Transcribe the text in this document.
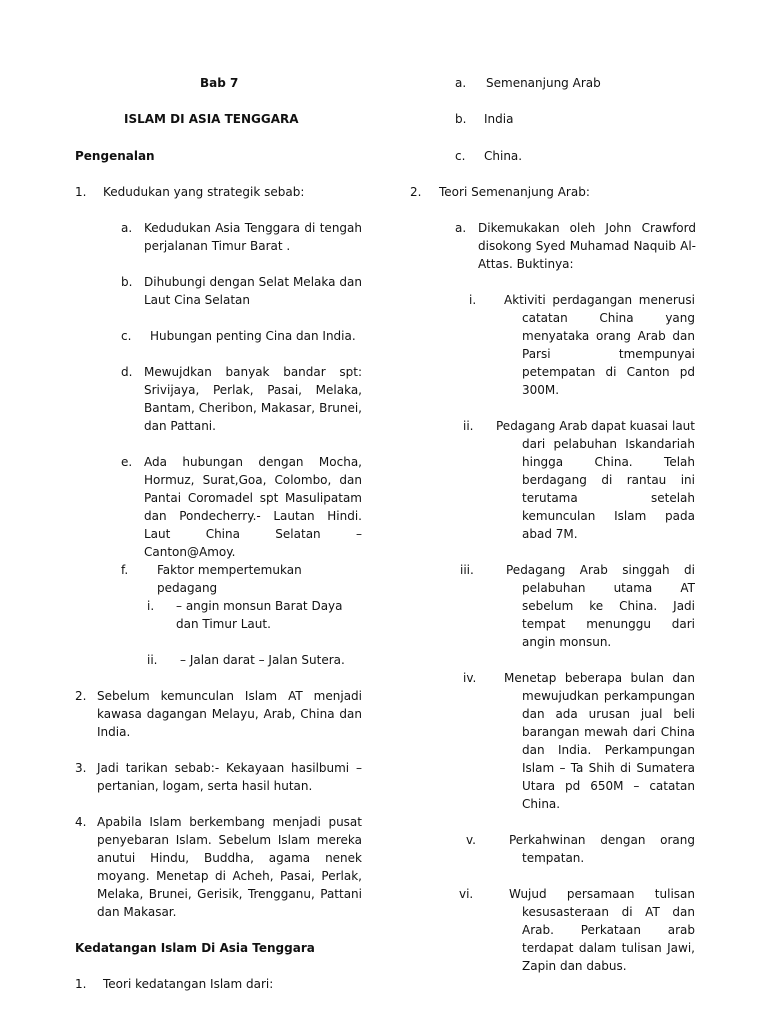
Bab 7
ISLAM DI ASIA TENGGARA
Pengenalan
1. Kedudukan yang strategik sebab:
a. Kedudukan Asia Tenggara di tengah perjalanan Timur Barat .
b. Dihubungi dengan Selat Melaka dan Laut Cina Selatan
c. Hubungan penting Cina dan India.
d. Mewujdkan banyak bandar spt: Srivijaya, Perlak, Pasai, Melaka, Bantam, Cheribon, Makasar, Brunei, dan Pattani.
e. Ada hubungan dengan Mocha, Hormuz, Surat,Goa, Colombo, dan Pantai Coromadel spt Masulipatam dan Pondecherry.- Lautan Hindi. Laut China Selatan – Canton@Amoy.
f. Faktor mempertemukan pedagang
i. – angin monsun Barat Daya dan Timur Laut.
ii. – Jalan darat – Jalan Sutera.
2. Sebelum kemunculan Islam AT menjadi kawasa dagangan Melayu, Arab, China dan India.
3. Jadi tarikan sebab:- Kekayaan hasilbumi – pertanian, logam, serta hasil hutan.
4. Apabila Islam berkembang menjadi pusat penyebaran Islam. Sebelum Islam mereka anutui Hindu, Buddha, agama nenek moyang. Menetap di Acheh, Pasai, Perlak, Melaka, Brunei, Gerisik, Trengganu, Pattani dan Makasar.
Kedatangan Islam Di Asia Tenggara
1. Teori kedatangan Islam dari:
a. Semenanjung Arab
b. India
c. China.
2. Teori Semenanjung Arab:
a. Dikemukakan oleh John Crawford disokong Syed Muhamad Naquib Al-Attas. Buktinya:
i. Aktiviti perdagangan menerusi catatan China yang menyataka orang Arab dan Parsi tmempunyai petempatan di Canton pd 300M.
ii. Pedagang Arab dapat kuasai laut dari pelabuhan Iskandariah hingga China. Telah berdagang di rantau ini terutama setelah kemunculan Islam pada abad 7M.
iii.	Pedagang Arab singgah di pelabuhan utama AT sebelum ke China. Jadi tempat menunggu dari angin monsun.
iv. Menetap beberapa bulan dan mewujudkan perkampungan dan ada urusan jual beli barangan mewah dari China dan India. Perkampungan Islam – Ta Shih di Sumatera Utara pd 650M – catatan China.
v.	Perkahwinan dengan orang tempatan.
vi.	Wujud persamaan tulisan kesusasteraan di AT dan Arab. Perkataan arab terdapat dalam tulisan Jawi, Zapin dan dabus.
